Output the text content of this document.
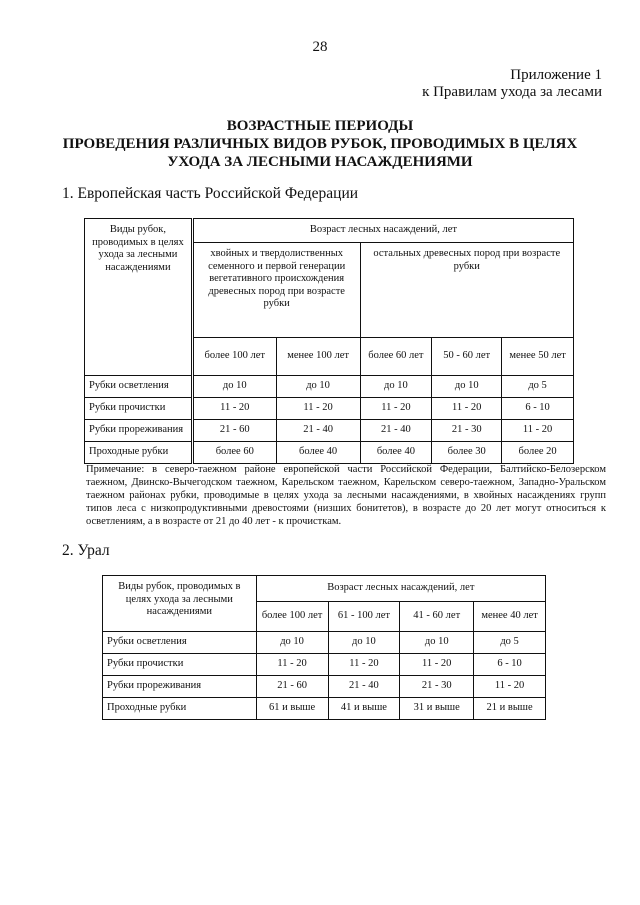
28
Приложение 1
к Правилам ухода за лесами
ВОЗРАСТНЫЕ ПЕРИОДЫ
ПРОВЕДЕНИЯ РАЗЛИЧНЫХ ВИДОВ РУБОК, ПРОВОДИМЫХ В ЦЕЛЯХ
УХОДА ЗА ЛЕСНЫМИ НАСАЖДЕНИЯМИ
1. Европейская часть Российской Федерации
Виды рубок, проводимых в целях ухода за лесными насаждениями	Возраст лесных насаждений, лет				
	хвойных и твердолиственных семенного и первой генерации вегетативного происхождения древесных пород при возрасте рубки		остальных древесных пород при возрасте рубки		
	более 100 лет	менее 100 лет	более 60 лет	50 - 60 лет	менее 50 лет
Рубки осветления	до 10	до 10	до 10	до 10	до 5
Рубки прочистки	11 - 20	11 - 20	11 - 20	11 - 20	6 - 10
Рубки прореживания	21 - 60	21 - 40	21 - 40	21 - 30	11 - 20
Проходные рубки	более 60	более 40	более 40	более 30	более 20
Примечание: в северо-таежном районе европейской части Российской Федерации, Балтийско-Белозерском таежном, Двинско-Вычегодском таежном, Карельском таежном, Карельском северо-таежном, Западно-Уральском таежном районах рубки, проводимые в целях ухода за лесными насаждениями, в хвойных насаждениях групп типов леса с низкопродуктивными древостоями (низших бонитетов), в возрасте до 20 лет могут относиться к осветлениям, а в возрасте от 21 до 40 лет - к прочисткам.
2. Урал
Виды рубок, проводимых в целях ухода за лесными насаждениями	Возраст лесных насаждений, лет			
	более 100 лет	61 - 100 лет	41 - 60 лет	менее 40 лет
Рубки осветления	до 10	до 10	до 10	до 5
Рубки прочистки	11 - 20	11 - 20	11 - 20	6 - 10
Рубки прореживания	21 - 60	21 - 40	21 - 30	11 - 20
Проходные рубки	61 и выше	41 и выше	31 и выше	21 и выше
